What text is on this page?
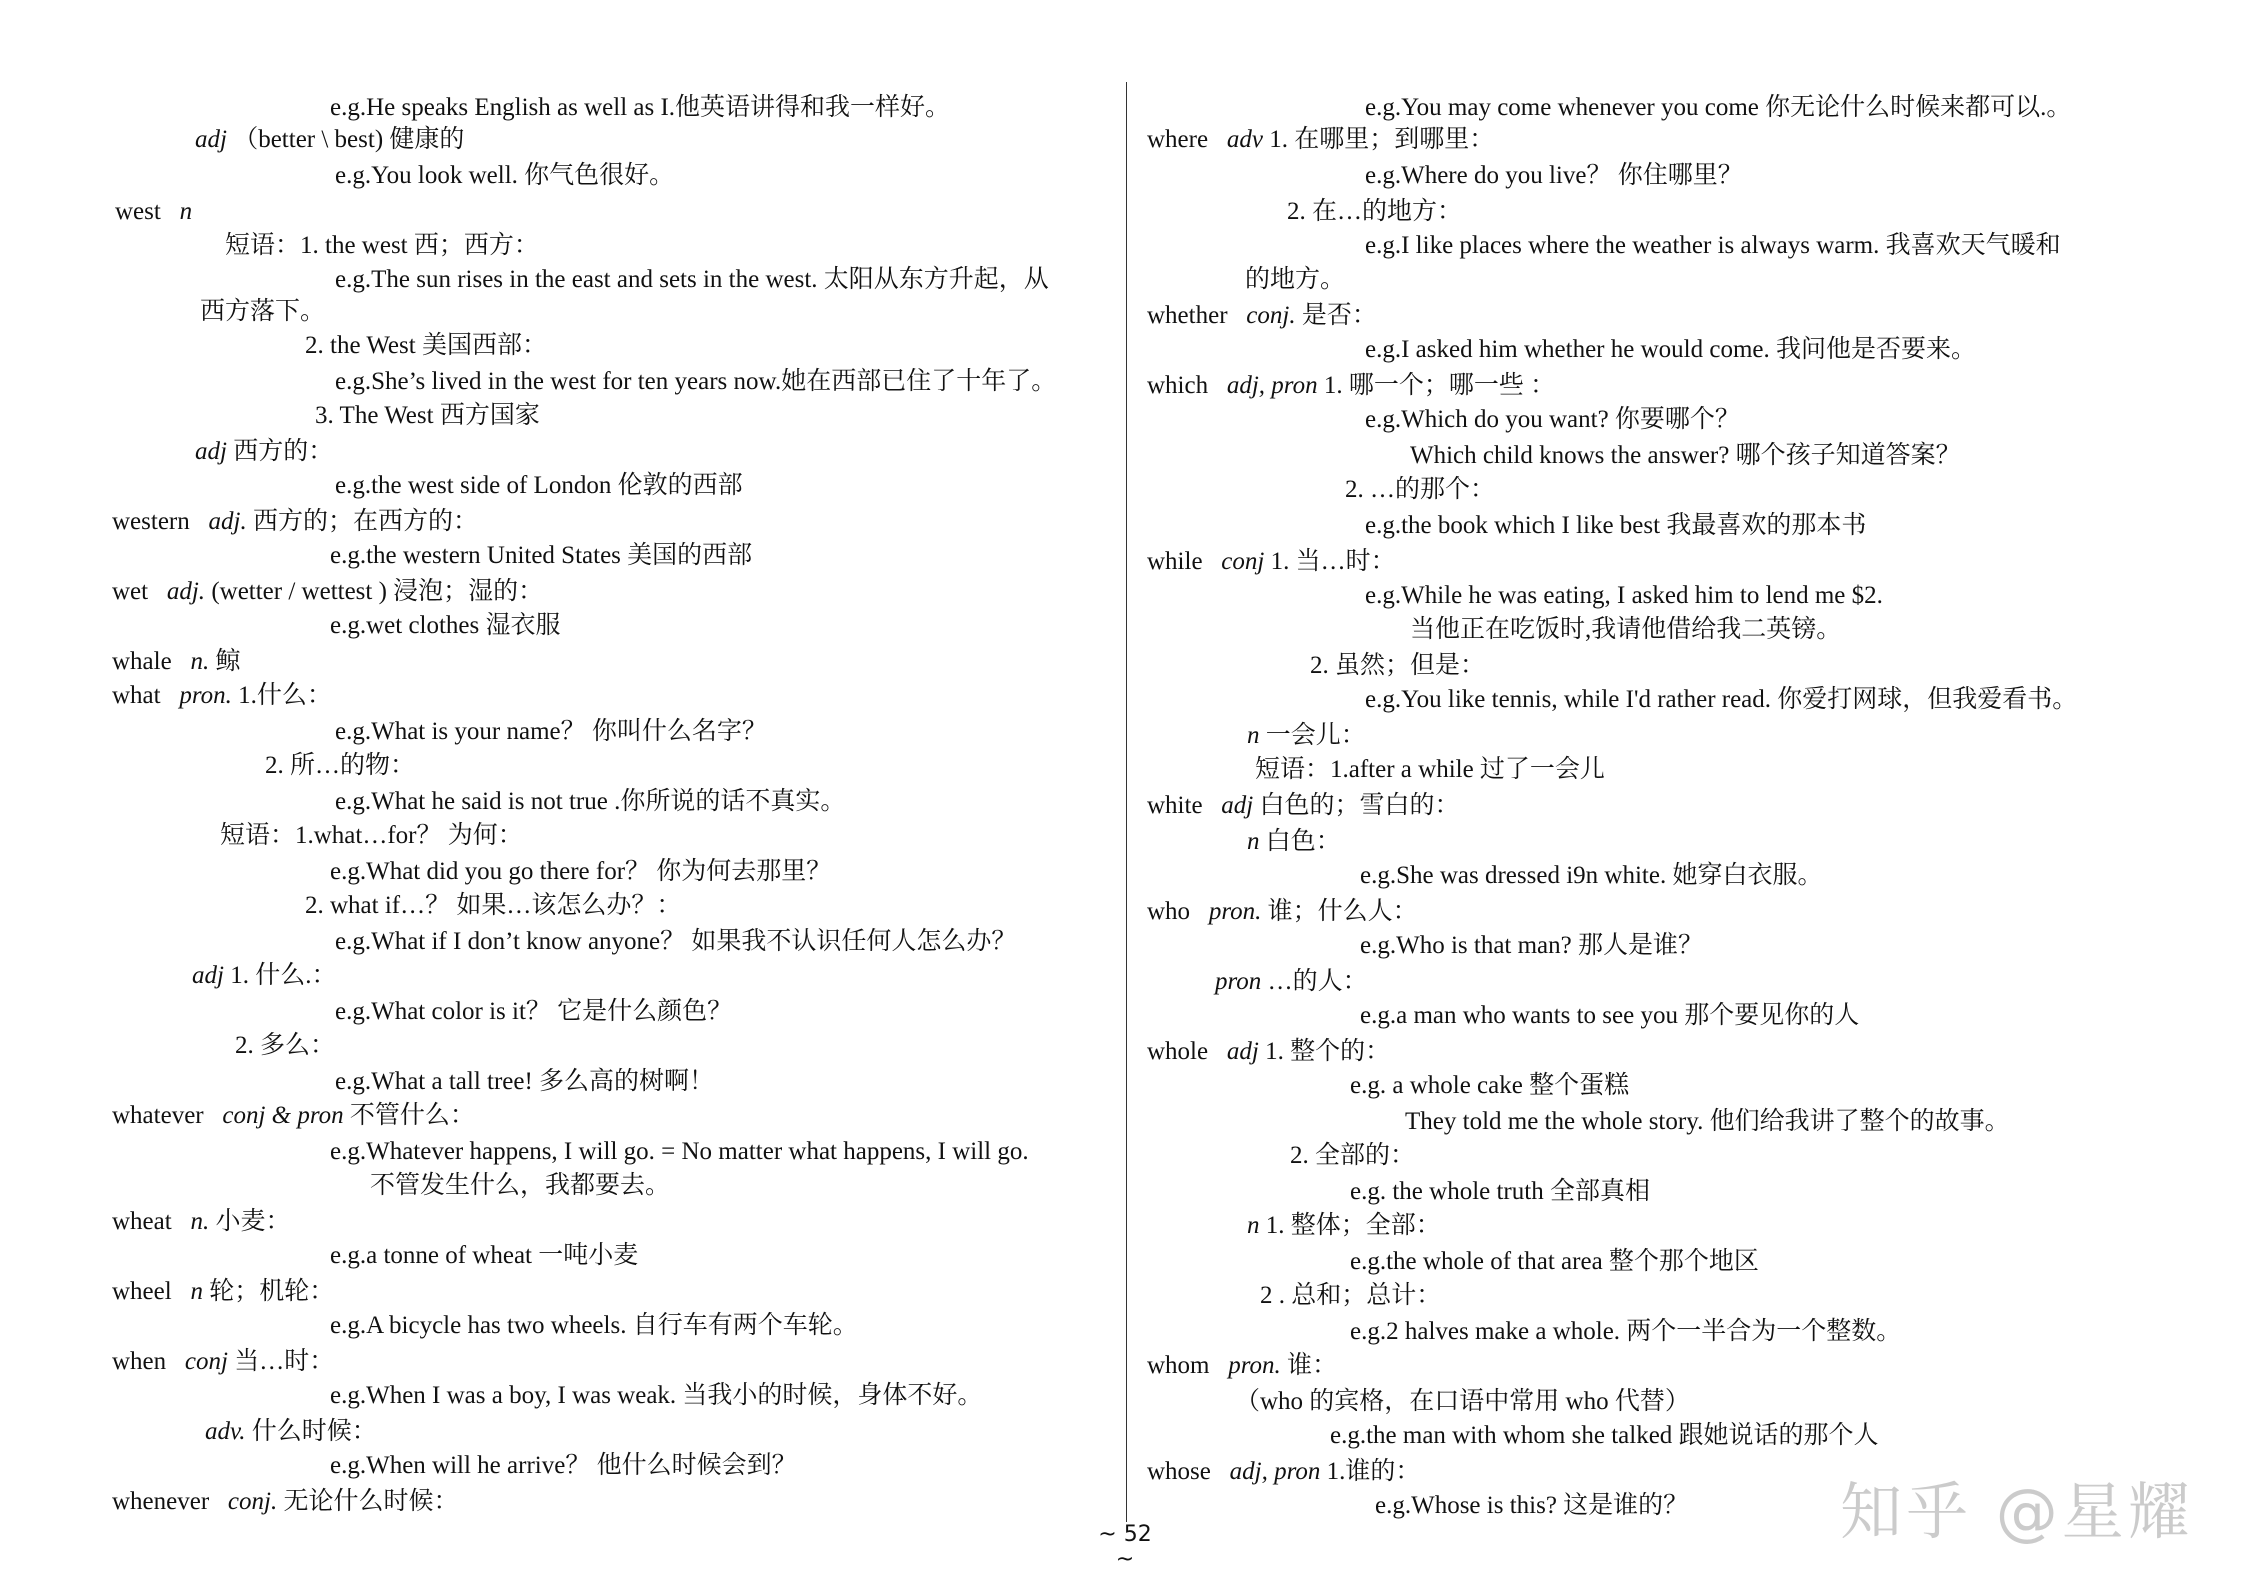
e.g.He speaks English as well as I.他英语讲得和我一样好。
adj （better \ best) 健康的
e.g.You look well. 你气色很好。
west n
短语：1. the west 西；西方：
e.g.The sun rises in the east and sets in the west. 太阳从东方升起，从
西方落下。
2. the West 美国西部：
e.g.She’s lived in the west for ten years now.她在西部已住了十年了。
3. The West 西方国家
adj 西方的：
e.g.the west side of London 伦敦的西部
western adj. 西方的；在西方的：
e.g.the western United States 美国的西部
wet adj. (wetter / wettest ) 浸泡；湿的：
e.g.wet clothes 湿衣服
whale n. 鲸
what pron. 1.什么：
e.g.What is your name？ 你叫什么名字？
2. 所…的物：
e.g.What he said is not true .你所说的话不真实。
短语：1.what…for？ 为何：
e.g.What did you go there for？ 你为何去那里？
2. what if…？ 如果…该怎么办？：
e.g.What if I don’t know anyone？ 如果我不认识任何人怎么办？
adj 1. 什么.：
e.g.What color is it？ 它是什么颜色？
2. 多么：
e.g.What a tall tree! 多么高的树啊！
whatever conj & pron 不管什么：
e.g.Whatever happens, I will go. = No matter what happens, I will go.
不管发生什么，我都要去。
wheat n. 小麦：
e.g.a tonne of wheat 一吨小麦
wheel n 轮；机轮：
e.g.A bicycle has two wheels. 自行车有两个车轮。
when conj 当…时：
e.g.When I was a boy, I was weak. 当我小的时候，身体不好。
adv. 什么时候：
e.g.When will he arrive？ 他什么时候会到？
whenever conj. 无论什么时候：
e.g.You may come whenever you come 你无论什么时候来都可以.。
where adv 1. 在哪里；到哪里：
e.g.Where do you live？ 你住哪里？
2. 在…的地方：
e.g.I like places where the weather is always warm. 我喜欢天气暖和
的地方。
whether conj. 是否：
e.g.I asked him whether he would come. 我问他是否要来。
which adj, pron 1. 哪一个；哪一些 ：
e.g.Which do you want? 你要哪个？
Which child knows the answer? 哪个孩子知道答案？
2. …的那个：
e.g.the book which I like best 我最喜欢的那本书
while conj 1. 当…时：
e.g.While he was eating, I asked him to lend me $2.
当他正在吃饭时,我请他借给我二英镑。
2. 虽然；但是：
e.g.You like tennis, while I'd rather read. 你爱打网球，但我爱看书。
n 一会儿：
短语：1.after a while 过了一会儿
white adj 白色的；雪白的：
n 白色：
e.g.She was dressed i9n white. 她穿白衣服。
who pron. 谁；什么人：
e.g.Who is that man? 那人是谁？
pron …的人：
e.g.a man who wants to see you 那个要见你的人
whole adj 1. 整个的：
e.g. a whole cake 整个蛋糕
They told me the whole story. 他们给我讲了整个的故事。
2. 全部的：
e.g. the whole truth 全部真相
n 1. 整体；全部：
e.g.the whole of that area 整个那个地区
2 . 总和；总计：
e.g.2 halves make a whole. 两个一半合为一个整数。
whom pron. 谁：
（who 的宾格，在口语中常用 who 代替）
e.g.the man with whom she talked 跟她说话的那个人
whose adj, pron 1.谁的：
e.g.Whose is this? 这是谁的？
~ 52 ~
知乎 @星耀
